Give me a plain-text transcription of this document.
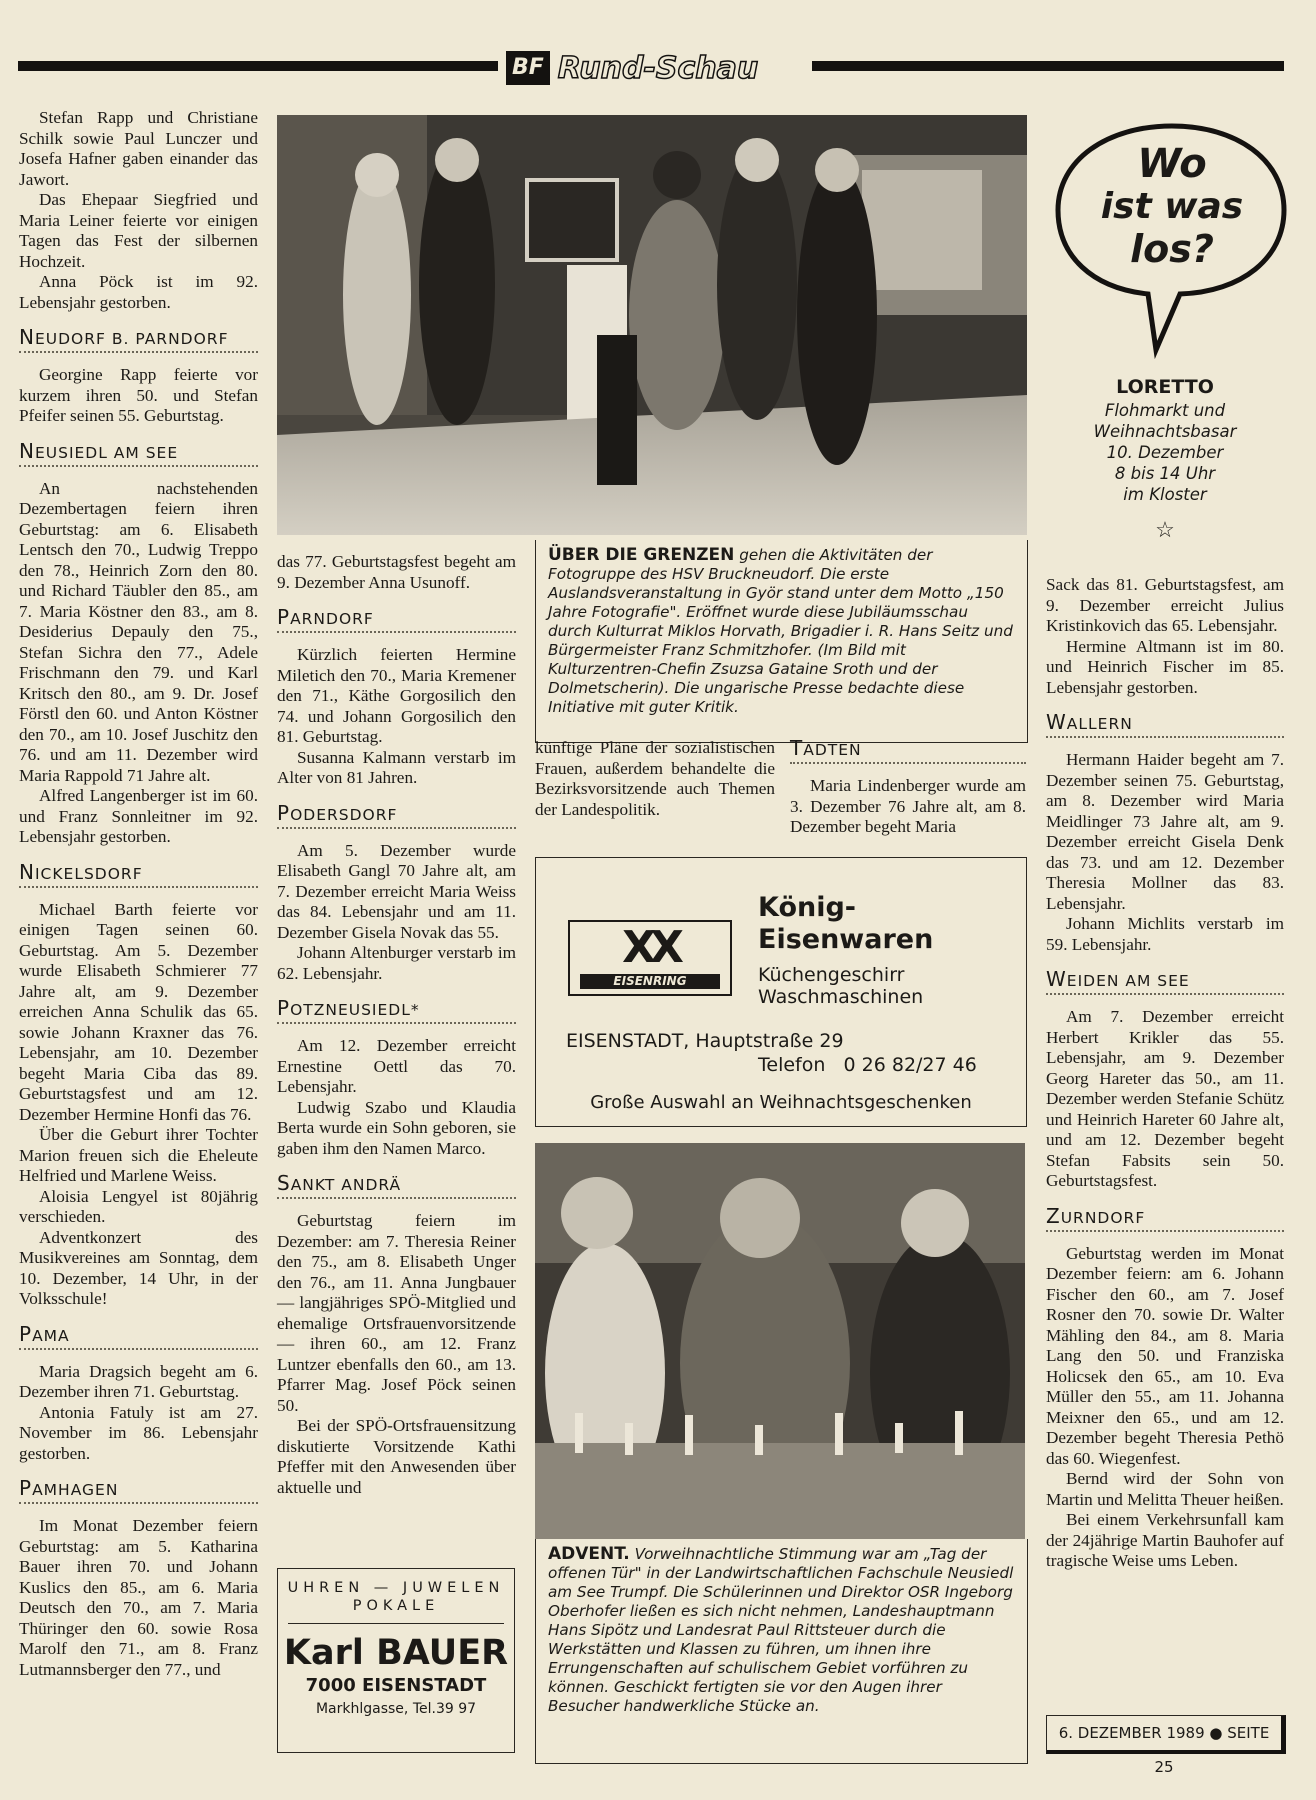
BF Rund-Schau

Stefan Rapp und Christiane Schilk sowie Paul Lunczer und Josefa Hafner gaben einander das Jawort.

Das Ehepaar Siegfried und Maria Leiner feierte vor einigen Tagen das Fest der silbernen Hochzeit.

Anna Pöck ist im 92. Lebensjahr gestorben.

NEUDORF B. PARNDORF

Georgine Rapp feierte vor kurzem ihren 50. und Stefan Pfeifer seinen 55. Geburtstag.

NEUSIEDL AM SEE

An nachstehenden Dezembertagen feiern ihren Geburtstag: am 6. Elisabeth Lentsch den 70., Ludwig Treppo den 78., Heinrich Zorn den 80. und Richard Täubler den 85., am 7. Maria Köstner den 83., am 8. Desiderius Depauly den 75., Stefan Sichra den 77., Adele Frischmann den 79. und Karl Kritsch den 80., am 9. Dr. Josef Förstl den 60. und Anton Köstner den 70., am 10. Josef Juschitz den 76. und am 11. Dezember wird Maria Rappold 71 Jahre alt.

Alfred Langenberger ist im 60. und Franz Sonnleitner im 92. Lebensjahr gestorben.

NICKELSDORF

Michael Barth feierte vor einigen Tagen seinen 60. Geburtstag. Am 5. Dezember wurde Elisabeth Schmierer 77 Jahre alt, am 9. Dezember erreichen Anna Schulik das 65. sowie Johann Kraxner das 76. Lebensjahr, am 10. Dezember begeht Maria Ciba das 89. Geburtstagsfest und am 12. Dezember Hermine Honfi das 76.

Über die Geburt ihrer Tochter Marion freuen sich die Eheleute Helfried und Marlene Weiss.

Aloisia Lengyel ist 80jährig verschieden.

Adventkonzert des Musikvereines am Sonntag, dem 10. Dezember, 14 Uhr, in der Volksschule!

PAMA

Maria Dragsich begeht am 6. Dezember ihren 71. Geburtstag.

Antonia Fatuly ist am 27. November im 86. Lebensjahr gestorben.

PAMHAGEN

Im Monat Dezember feiern Geburtstag: am 5. Katharina Bauer ihren 70. und Johann Kuslics den 85., am 6. Maria Deutsch den 70., am 7. Maria Thüringer den 60. sowie Rosa Marolf den 71., am 8. Franz Lutmannsberger den 77., und

ÜBER DIE GRENZEN gehen die Aktivitäten der Fotogruppe des HSV Bruckneudorf. Die erste Auslandsveranstaltung in Györ stand unter dem Motto „150 Jahre Fotografie". Eröffnet wurde diese Jubiläumsschau durch Kulturrat Miklos Horvath, Brigadier i. R. Hans Seitz und Bürgermeister Franz Schmitzhofer. (Im Bild mit Kulturzentren-Chefin Zsuzsa Gataine Sroth und der Dolmetscherin). Die ungarische Presse bedachte diese Initiative mit guter Kritik.

das 77. Geburtstagsfest begeht am 9. Dezember Anna Usunoff.

PARNDORF

Kürzlich feierten Hermine Miletich den 70., Maria Kremener den 71., Käthe Gorgosilich den 74. und Johann Gorgosilich den 81. Geburtstag.

Susanna Kalmann verstarb im Alter von 81 Jahren.

PODERSDORF

Am 5. Dezember wurde Elisabeth Gangl 70 Jahre alt, am 7. Dezember erreicht Maria Weiss das 84. Lebensjahr und am 11. Dezember Gisela Novak das 55.

Johann Altenburger verstarb im 62. Lebensjahr.

POTZNEUSIEDL*

Am 12. Dezember erreicht Ernestine Oettl das 70. Lebensjahr.

Ludwig Szabo und Klaudia Berta wurde ein Sohn geboren, sie gaben ihm den Namen Marco.

SANKT ANDRÄ

Geburtstag feiern im Dezember: am 7. Theresia Reiner den 75., am 8. Elisabeth Unger den 76., am 11. Anna Jungbauer — langjähriges SPÖ-Mitglied und ehemalige Ortsfrauenvorsitzende — ihren 60., am 12. Franz Luntzer ebenfalls den 60., am 13. Pfarrer Mag. Josef Pöck seinen 50.

Bei der SPÖ-Ortsfrauensitzung diskutierte Vorsitzende Kathi Pfeffer mit den Anwesenden über aktuelle und

künftige Pläne der sozialistischen Frauen, außerdem behandelte die Bezirksvorsitzende auch Themen der Landespolitik.

TADTEN

Maria Lindenberger wurde am 3. Dezember 76 Jahre alt, am 8. Dezember begeht Maria

XX
EISENRING
König-
Eisenwaren
Küchengeschirr
Waschmaschinen
EISENSTADT, Hauptstraße 29
Telefon   0 26 82/27 46
Große Auswahl an Weihnachtsgeschenken
ADVENT. Vorweihnachtliche Stimmung war am „Tag der offenen Tür" in der Landwirtschaftlichen Fachschule Neusiedl am See Trumpf. Die Schülerinnen und Direktor OSR Ingeborg Oberhofer ließen es sich nicht nehmen, Landeshauptmann Hans Sipötz und Landesrat Paul Rittsteuer durch die Werkstätten und Klassen zu führen, um ihnen ihre Errungenschaften auf schulischem Gebiet vorführen zu können. Geschickt fertigten sie vor den Augen ihrer Besucher handwerkliche Stücke an.
UHREN — JUWELEN
POKALE
Karl BAUER
7000 EISENSTADT
Markhlgasse, Tel.39 97
Wo
ist was
los?
LORETTO
Flohmarkt und
Weihnachtsbasar
10. Dezember
8 bis 14 Uhr
im Kloster
☆

Sack das 81. Geburtstagsfest, am 9. Dezember erreicht Julius Kristinkovich das 65. Lebensjahr.

Hermine Altmann ist im 80. und Heinrich Fischer im 85. Lebensjahr gestorben.

WALLERN

Hermann Haider begeht am 7. Dezember seinen 75. Geburtstag, am 8. Dezember wird Maria Meidlinger 73 Jahre alt, am 9. Dezember erreicht Gisela Denk das 73. und am 12. Dezember Theresia Mollner das 83. Lebensjahr.

Johann Michlits verstarb im 59. Lebensjahr.

WEIDEN AM SEE

Am 7. Dezember erreicht Herbert Krikler das 55. Lebensjahr, am 9. Dezember Georg Hareter das 50., am 11. Dezember werden Stefanie Schütz und Heinrich Hareter 60 Jahre alt, und am 12. Dezember begeht Stefan Fabsits sein 50. Geburtstagsfest.

ZURNDORF

Geburtstag werden im Monat Dezember feiern: am 6. Johann Fischer den 60., am 7. Josef Rosner den 70. sowie Dr. Walter Mähling den 84., am 8. Maria Lang den 50. und Franziska Holicsek den 65., am 10. Eva Müller den 55., am 11. Johanna Meixner den 65., und am 12. Dezember begeht Theresia Pethö das 60. Wiegenfest.

Bernd wird der Sohn von Martin und Melitta Theuer heißen.

Bei einem Verkehrsunfall kam der 24jährige Martin Bauhofer auf tragische Weise ums Leben.

6. DEZEMBER 1989 ● SEITE 25
